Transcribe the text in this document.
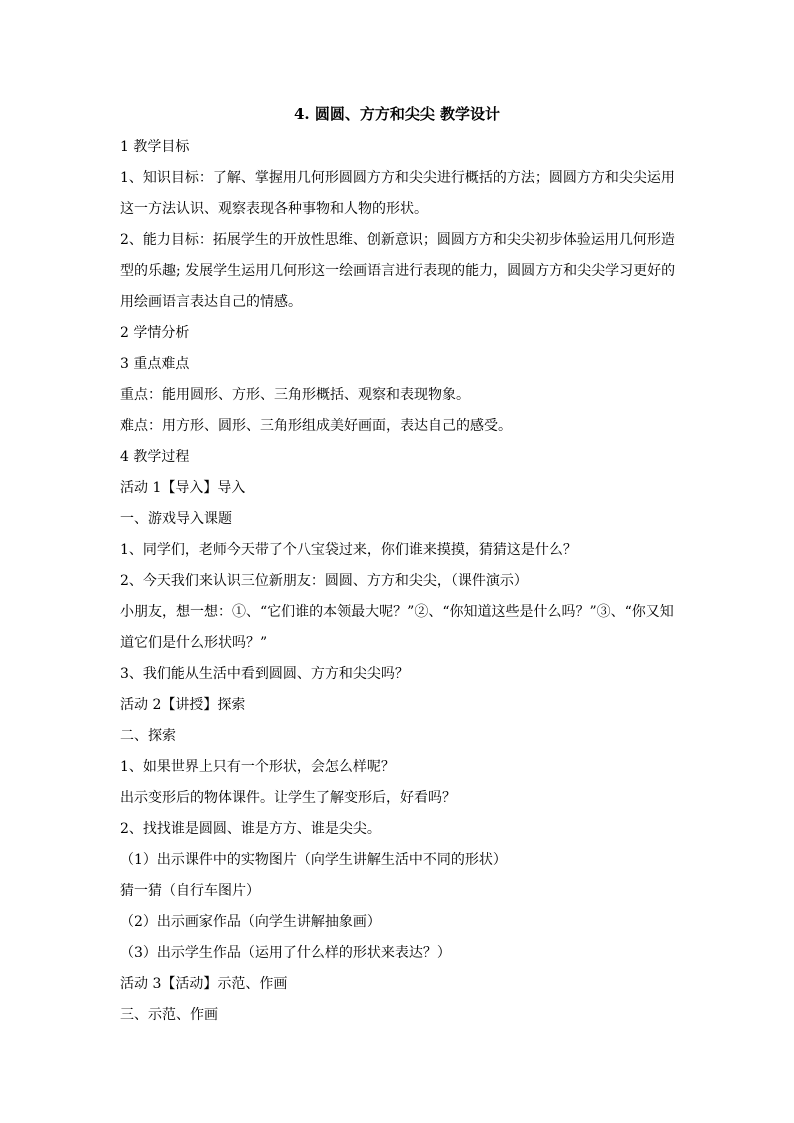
4. 圆圆、方方和尖尖 教学设计
1 教学目标
1、知识目标：了解、掌握用几何形圆圆方方和尖尖进行概括的方法；圆圆方方和尖尖运用
这一方法认识、观察表现各种事物和人物的形状。
2、能力目标：拓展学生的开放性思维、创新意识；圆圆方方和尖尖初步体验运用几何形造
型的乐趣; 发展学生运用几何形这一绘画语言进行表现的能力，圆圆方方和尖尖学习更好的
用绘画语言表达自己的情感。
2 学情分析
3 重点难点
重点：能用圆形、方形、三角形概括、观察和表现物象。
难点：用方形、圆形、三角形组成美好画面，表达自己的感受。
4 教学过程
活动 1【导入】导入
一、游戏导入课题
1、同学们，老师今天带了个八宝袋过来，你们谁来摸摸，猜猜这是什么？
2、今天我们来认识三位新朋友：圆圆、方方和尖尖，（课件演示）
小朋友，想一想：①、“它们谁的本领最大呢？”②、“你知道这些是什么吗？”③、“你又知
道它们是什么形状吗？”
3、我们能从生活中看到圆圆、方方和尖尖吗？
活动 2【讲授】探索
二、探索
1、如果世界上只有一个形状，会怎么样呢？
出示变形后的物体课件。让学生了解变形后，好看吗？
2、找找谁是圆圆、谁是方方、谁是尖尖。
（1）出示课件中的实物图片（向学生讲解生活中不同的形状）
猜一猜（自行车图片）
（2）出示画家作品（向学生讲解抽象画）
（3）出示学生作品（运用了什么样的形状来表达？）
活动 3【活动】示范、作画
三、示范、作画
